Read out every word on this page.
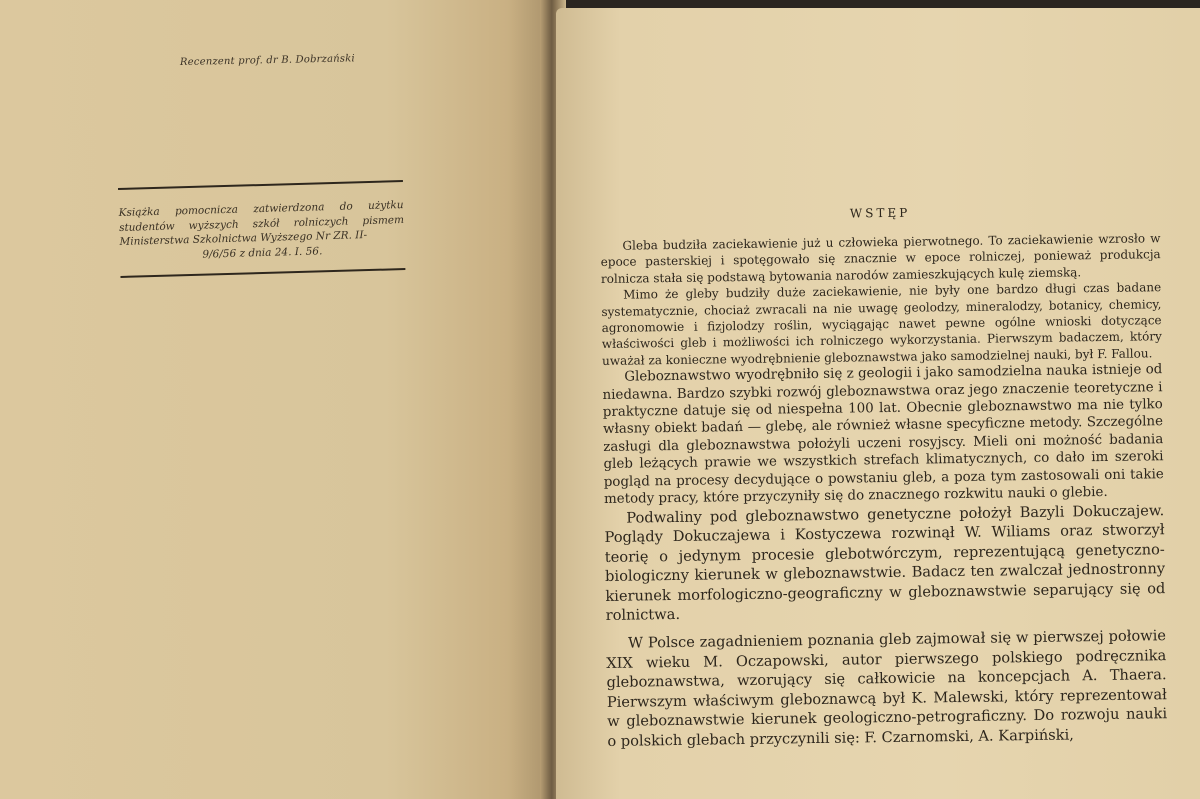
Recenzent prof. dr B. Dobrzański

Książka pomocnicza zatwierdzona do użytku studentów wyższych szkół rolniczych pismem Ministerstwa Szkolnictwa Wyższego Nr ZR. II-
9/6/56 z dnia 24. I. 56.

WSTĘP

Gleba budziła zaciekawienie już u człowieka pierwotnego. To zaciekawienie wzrosło w epoce pasterskiej i spotęgowało się znacznie w epoce rolniczej, ponieważ produkcja rolnicza stała się podstawą bytowania narodów zamieszkujących kulę ziemską.

Mimo że gleby budziły duże zaciekawienie, nie były one bardzo długi czas badane systematycznie, chociaż zwracali na nie uwagę geolodzy, mineralodzy, botanicy, chemicy, agronomowie i fizjolodzy roślin, wyciągając nawet pewne ogólne wnioski dotyczące właściwości gleb i możliwości ich rolniczego wykorzystania. Pierwszym badaczem, który uważał za konieczne wyodrębnienie gleboznawstwa jako samodzielnej nauki, był F. Fallou.

Gleboznawstwo wyodrębniło się z geologii i jako samodzielna nauka istnieje od niedawna. Bardzo szybki rozwój gleboznawstwa oraz jego znaczenie teoretyczne i praktyczne datuje się od niespełna 100 lat. Obecnie gleboznawstwo ma nie tylko własny obiekt badań — glebę, ale również własne specyficzne metody. Szczególne zasługi dla gleboznawstwa położyli uczeni rosyjscy. Mieli oni możność badania gleb leżących prawie we wszystkich strefach klimatycznych, co dało im szeroki pogląd na procesy decydujące o powstaniu gleb, a poza tym zastosowali oni takie metody pracy, które przyczyniły się do znacznego rozkwitu nauki o glebie.

Podwaliny pod gleboznawstwo genetyczne położył Bazyli Dokuczajew. Poglądy Dokuczajewa i Kostyczewa rozwinął W. Wiliams oraz stworzył teorię o jedynym procesie glebotwórczym, reprezentującą genetyczno-biologiczny kierunek w gleboznawstwie. Badacz ten zwalczał jednostronny kierunek morfologiczno-geograficzny w gleboznawstwie separujący się od rolnictwa.

W Polsce zagadnieniem poznania gleb zajmował się w pierwszej połowie XIX wieku M. Oczapowski, autor pierwszego polskiego podręcznika gleboznawstwa, wzorujący się całkowicie na koncepcjach A. Thaera. Pierwszym właściwym gleboznawcą był K. Malewski, który reprezentował w gleboznawstwie kierunek geologiczno-petrograficzny. Do rozwoju nauki o polskich glebach przyczynili się: F. Czarnomski, A. Karpiński,
